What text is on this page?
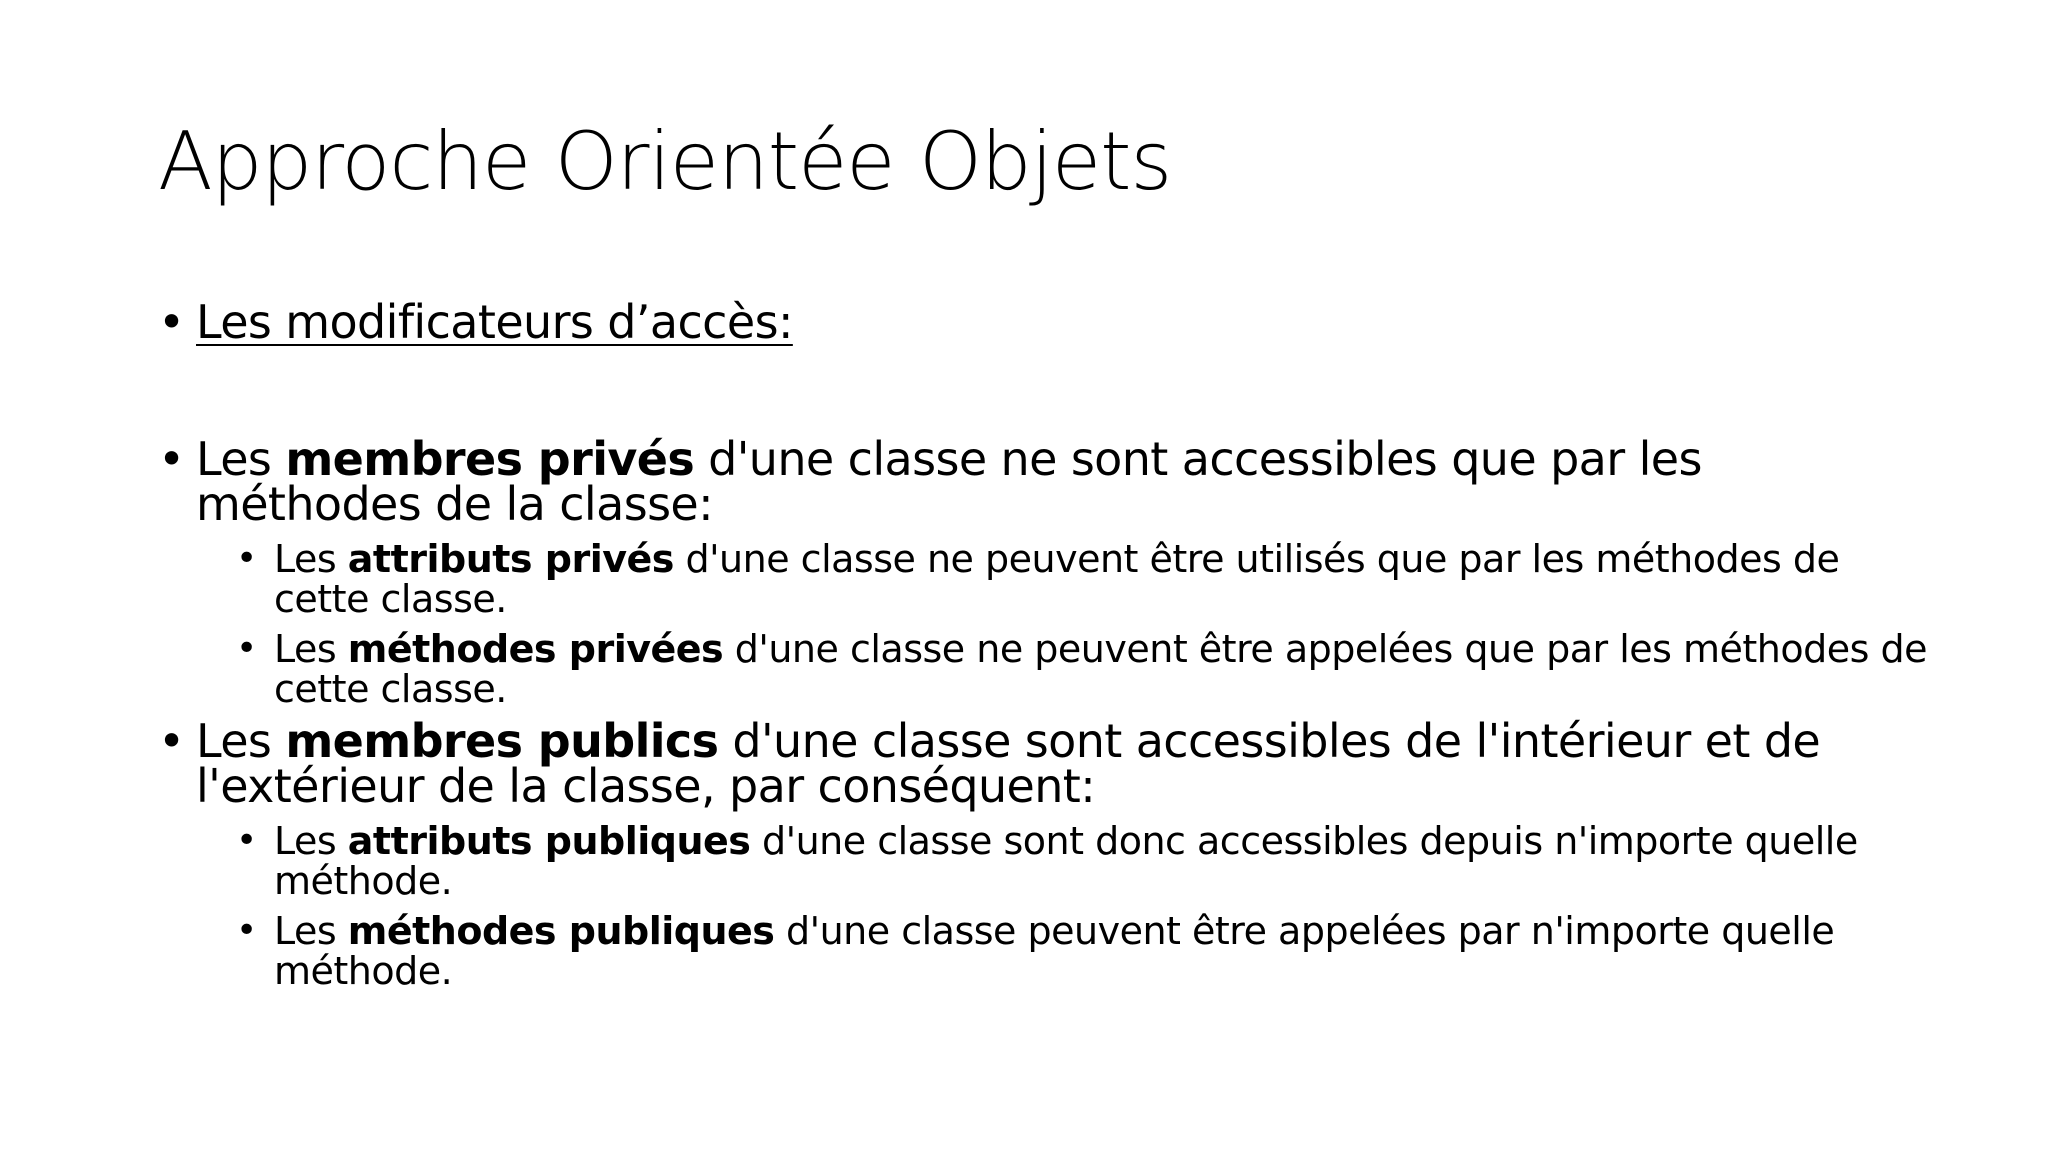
Approche Orientée Objets
• Les modificateurs d’accès:
• Les membres privés d'une classe ne sont accessibles que par les méthodes de la classe:
• Les attributs privés d'une classe ne peuvent être utilisés que par les méthodes de cette classe.
• Les méthodes privées d'une classe ne peuvent être appelées que par les méthodes de cette classe.
• Les membres publics d'une classe sont accessibles de l'intérieur et de l'extérieur de la classe, par conséquent:
• Les attributs publiques d'une classe sont donc accessibles depuis n'importe quelle méthode.
• Les méthodes publiques d'une classe peuvent être appelées par n'importe quelle méthode.
